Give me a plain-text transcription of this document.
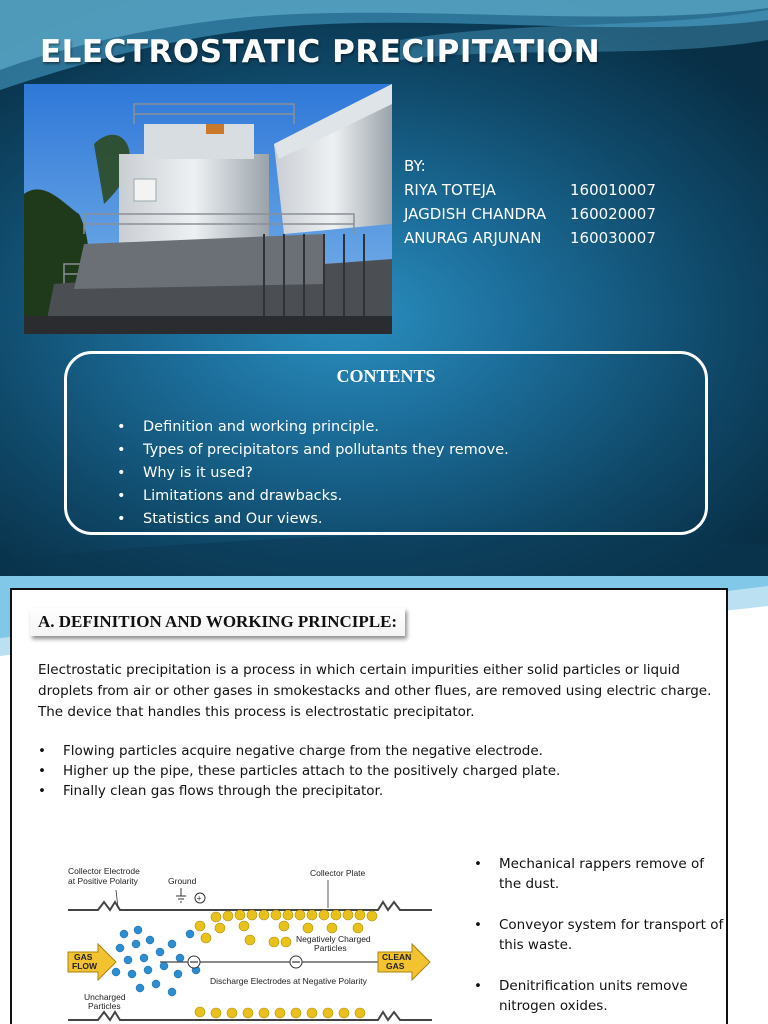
ELECTROSTATIC PRECIPITATION
BY:
RIYA TOTEJA	160010007
JAGDISH CHANDRA	160020007
ANURAG ARJUNAN	160030007
CONTENTS
•	Definition and working principle.
•	Types of precipitators and pollutants they remove.
•	Why is it used?
•	Limitations and drawbacks.
•	Statistics and Our views.
A. DEFINITION AND WORKING PRINCIPLE:

Electrostatic precipitation is a process in which certain impurities either solid particles or liquid droplets from air or other gases in smokestacks and other flues, are removed using electric charge. The device that handles this process is electrostatic precipitator.

•	Flowing particles acquire negative charge from the negative electrode.
•	Higher up the pipe, these particles attach to the positively charged plate.
•	Finally clean gas flows through the precipitator.
Collector Electrode
at Positive Polarity	Ground
Collector Plate
+
Negatively Charged
Particles
Discharge Electrodes at Negative Polarity
GAS
FLOW
CLEAN
GAS
Uncharged
Particles
•	Mechanical rappers remove of the dust.
•	Conveyor system for transport of this waste.
•	Denitrification units remove nitrogen oxides.
